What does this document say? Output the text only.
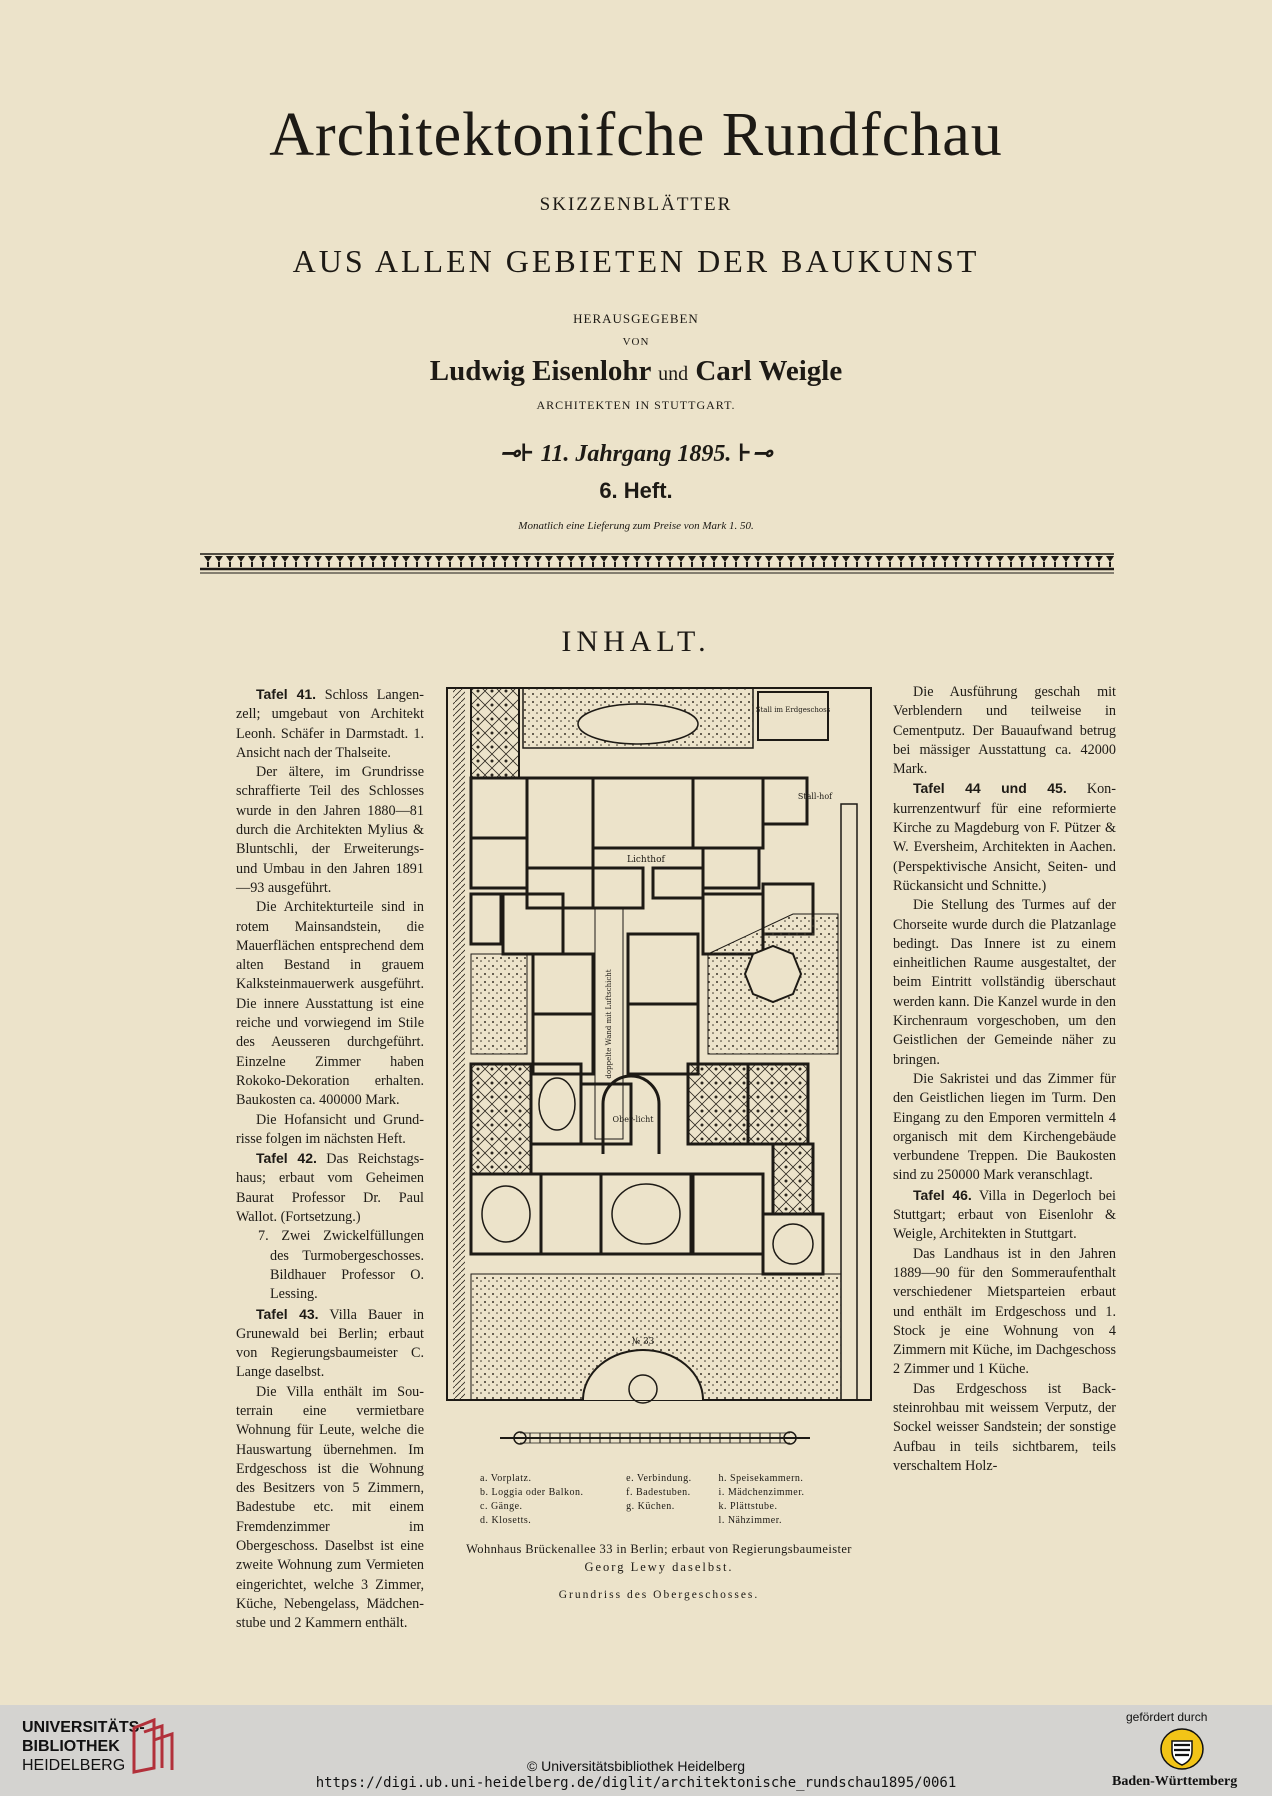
Architektonifche Rundfchau
SKIZZENBLÄTTER
AUS ALLEN GEBIETEN DER BAUKUNST
HERAUSGEGEBEN
VON
Ludwig Eisenlohr und Carl Weigle
ARCHITEKTEN IN STUTTGART.
⊸⊦ 11. Jahrgang 1895. ⊦⊸
6. Heft.
Monatlich eine Lieferung zum Preise von Mark 1. 50.
INHALT.

Tafel 41. Schloss Langenzell; umgebaut von Architekt Leonh. Schäfer in Darmstadt. 1. Ansicht nach der Thalseite.

Der ältere, im Grundrisse schraffierte Teil des Schlosses wurde in den Jahren 1880—81 durch die Architekten Mylius & Bluntschli, der Erweiterungs- und Umbau in den Jahren 1891—93 ausgeführt.

Die Architekturteile sind in rotem Mainsandstein, die Mauerflächen entsprechend dem alten Bestand in grauem Kalksteinmauerwerk ausgeführt. Die innere Ausstattung ist eine reiche und vorwiegend im Stile des Aeusseren durchgeführt. Einzelne Zimmer haben Rokoko-Dekoration erhalten. Baukosten ca. 400000 Mark.

Die Hofansicht und Grundrisse folgen im nächsten Heft.

Tafel 42. Das Reichstagshaus; erbaut vom Geheimen Baurat Professor Dr. Paul Wallot. (Fortsetzung.)

7. Zwei Zwickelfüllungen des Turmobergeschosses. Bildhauer Professor O. Lessing.

Tafel 43. Villa Bauer in Grunewald bei Berlin; erbaut von Regierungsbaumeister C. Lange daselbst.

Die Villa enthält im Souterrain eine vermietbare Wohnung für Leute, welche die Hauswartung übernehmen. Im Erdgeschoss ist die Wohnung des Besitzers von 5 Zimmern, Badestube etc. mit einem Fremdenzimmer im Obergeschoss. Daselbst ist eine zweite Wohnung zum Vermieten eingerichtet, welche 3 Zimmer, Küche, Nebengelass, Mädchenstube und 2 Kammern enthält.

Die Ausführung geschah mit Verblendern und teilweise in Cementputz. Der Bauaufwand betrug bei mässiger Ausstattung ca. 42000 Mark.

Tafel 44 und 45. Konkurrenzentwurf für eine reformierte Kirche zu Magdeburg von F. Pützer & W. Eversheim, Architekten in Aachen. (Perspektivische Ansicht, Seiten- und Rückansicht und Schnitte.)

Die Stellung des Turmes auf der Chorseite wurde durch die Platzanlage bedingt. Das Innere ist zu einem einheitlichen Raume ausgestaltet, der beim Eintritt vollständig überschaut werden kann. Die Kanzel wurde in den Kirchenraum vorgeschoben, um den Geistlichen der Gemeinde näher zu bringen.

Die Sakristei und das Zimmer für den Geistlichen liegen im Turm. Den Eingang zu den Emporen vermitteln 4 organisch mit dem Kirchengebäude verbundene Treppen. Die Baukosten sind zu 250000 Mark veranschlagt.

Tafel 46. Villa in Degerloch bei Stuttgart; erbaut von Eisenlohr & Weigle, Architekten in Stuttgart.

Das Landhaus ist in den Jahren 1889—90 für den Sommeraufenthalt verschiedener Mietsparteien erbaut und enthält im Erdgeschoss und 1. Stock je eine Wohnung von 4 Zimmern mit Küche, im Dachgeschoss 2 Zimmer und 1 Küche.

Das Erdgeschoss ist Backsteinrohbau mit weissem Verputz, der Sockel weisser Sandstein; der sonstige Aufbau in teils sichtbarem, teils verschaltem Holz-

Stall im Erdgeschoss
Stall-hof
Lichthof
doppelte Wand mit Luftschicht
Ober-licht
№ 33
a. Vorplatz.	e. Verbindung.	h. Speisekammern.
b. Loggia oder Balkon.	f. Badestuben.	i. Mädchenzimmer.
c. Gänge.	g. Küchen.	k. Plättstube.
d. Klosetts.		l. Nähzimmer.
Wohnhaus Brückenallee 33 in Berlin; erbaut von Regierungsbaumeister
Georg Lewy daselbst.
Grundriss des Obergeschosses.
UNIVERSITÄTS-
BIBLIOTHEK
HEIDELBERG	© Universitätsbibliothek Heidelberg
https://digi.ub.uni-heidelberg.de/diglit/architektonische_rundschau1895/0061
gefördert durch
Baden-Württemberg
